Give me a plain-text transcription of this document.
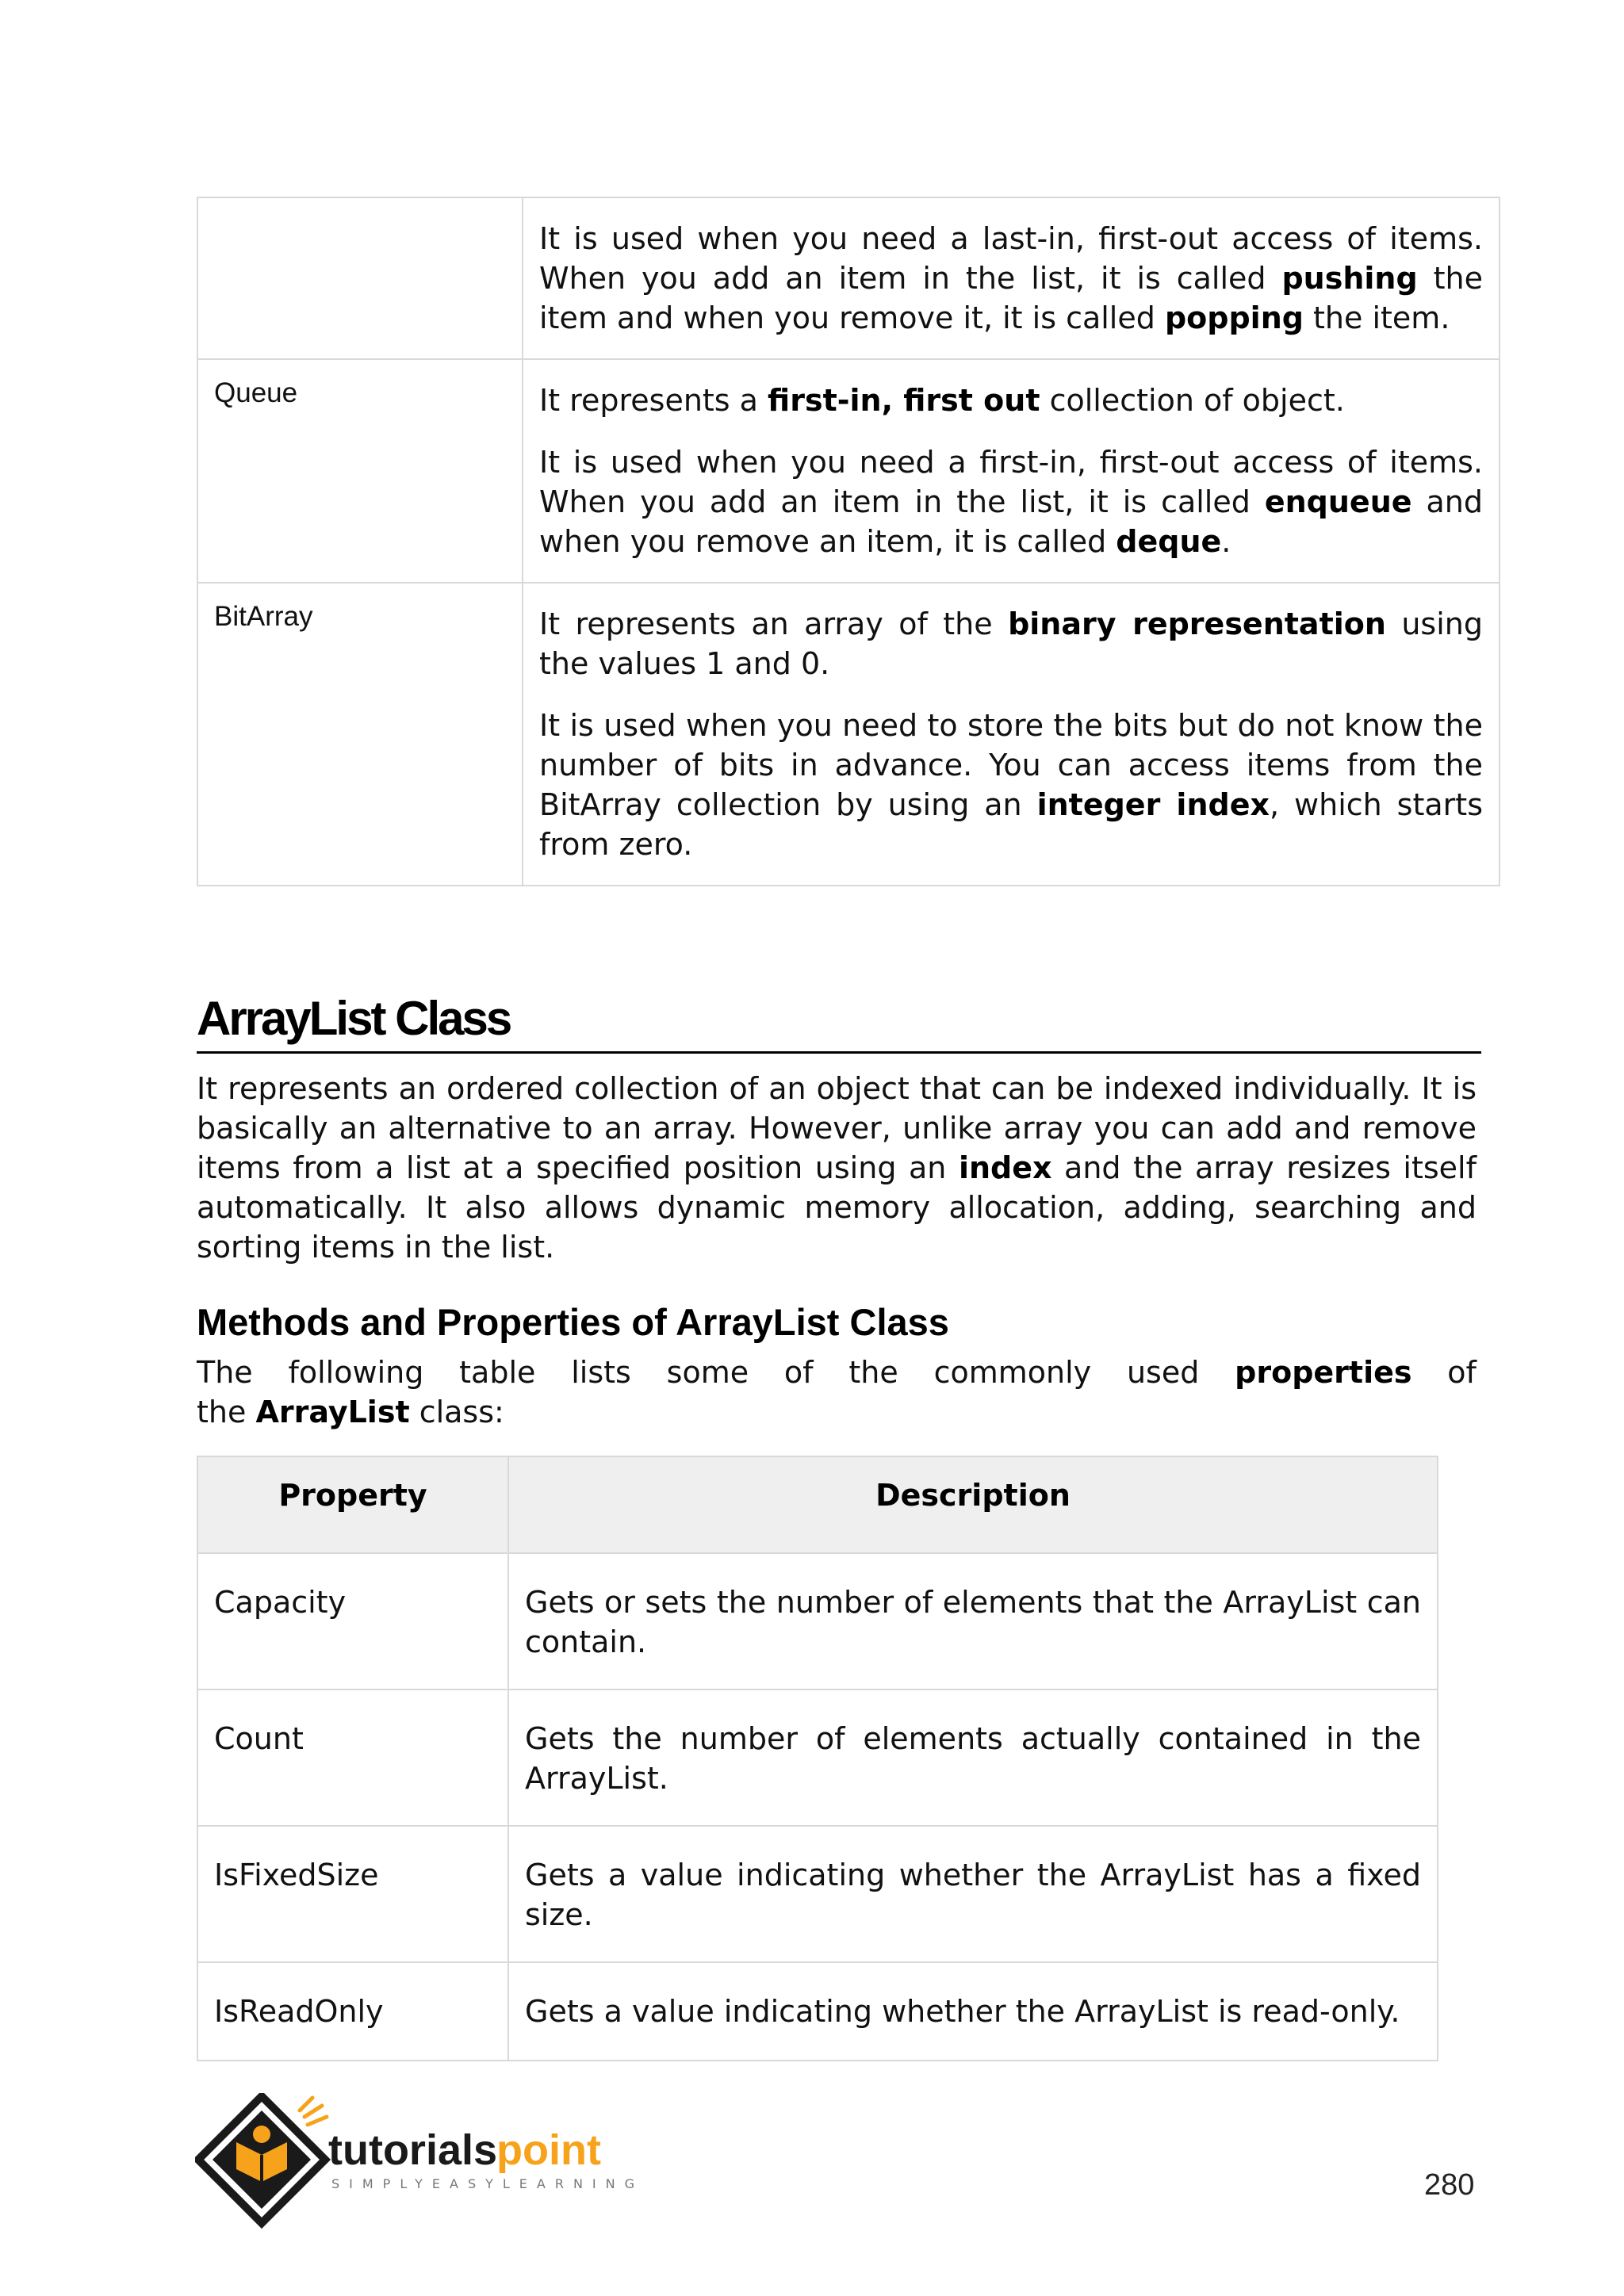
	It is used when you need a last-in, first-out access of items. When you add an item in the list, it is called pushing the item and when you remove it, it is called popping the item.

Queue	It represents a first-in, first out collection of object.

It is used when you need a first-in, first-out access of items. When you add an item in the list, it is called enqueue and when you remove an item, it is called deque.

BitArray	It represents an array of the binary representation using the values 1 and 0.

It is used when you need to store the bits but do not know the number of bits in advance. You can access items from the BitArray collection by using an integer index, which starts from zero.

ArrayList Class
It represents an ordered collection of an object that can be indexed individually. It is basically an alternative to an array. However, unlike array you can add and remove items from a list at a specified position using an index and the array resizes itself automatically. It also allows dynamic memory allocation, adding, searching and sorting items in the list.
Methods and Properties of ArrayList Class
The following table lists some of the commonly used properties of
the ArrayList class:
Property	Description
Capacity	Gets or sets the number of elements that the ArrayList can contain.
Count	Gets the number of elements actually contained in the ArrayList.
IsFixedSize	Gets a value indicating whether the ArrayList has a fixed size.
IsReadOnly	Gets a value indicating whether the ArrayList is read-only.
tutorials
point
SIMPLYEASYLEARNING	280
